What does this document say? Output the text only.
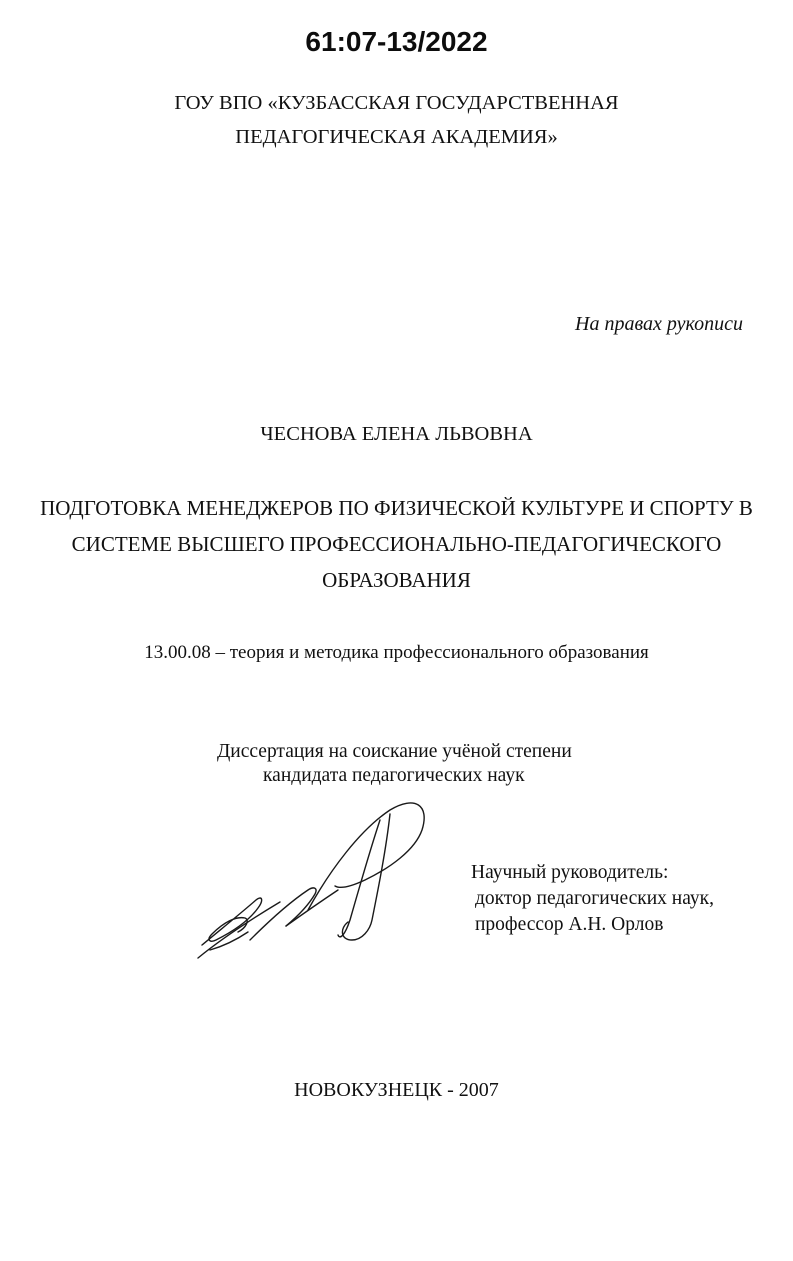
61:07-13/2022
ГОУ ВПО «КУЗБАССКАЯ ГОСУДАРСТВЕННАЯ
ПЕДАГОГИЧЕСКАЯ АКАДЕМИЯ»
На правах рукописи
ЧЕСНОВА ЕЛЕНА ЛЬВОВНА
ПОДГОТОВКА МЕНЕДЖЕРОВ ПО ФИЗИЧЕСКОЙ КУЛЬТУРЕ И СПОРТУ В
СИСТЕМЕ ВЫСШЕГО ПРОФЕССИОНАЛЬНО-ПЕДАГОГИЧЕСКОГО
ОБРАЗОВАНИЯ
13.00.08 – теория и методика профессионального образования
Диссертация на соискание учёной степени
кандидата педагогических наук
Научный руководитель:
доктор педагогических наук,
профессор А.Н. Орлов
НОВОКУЗНЕЦК - 2007
